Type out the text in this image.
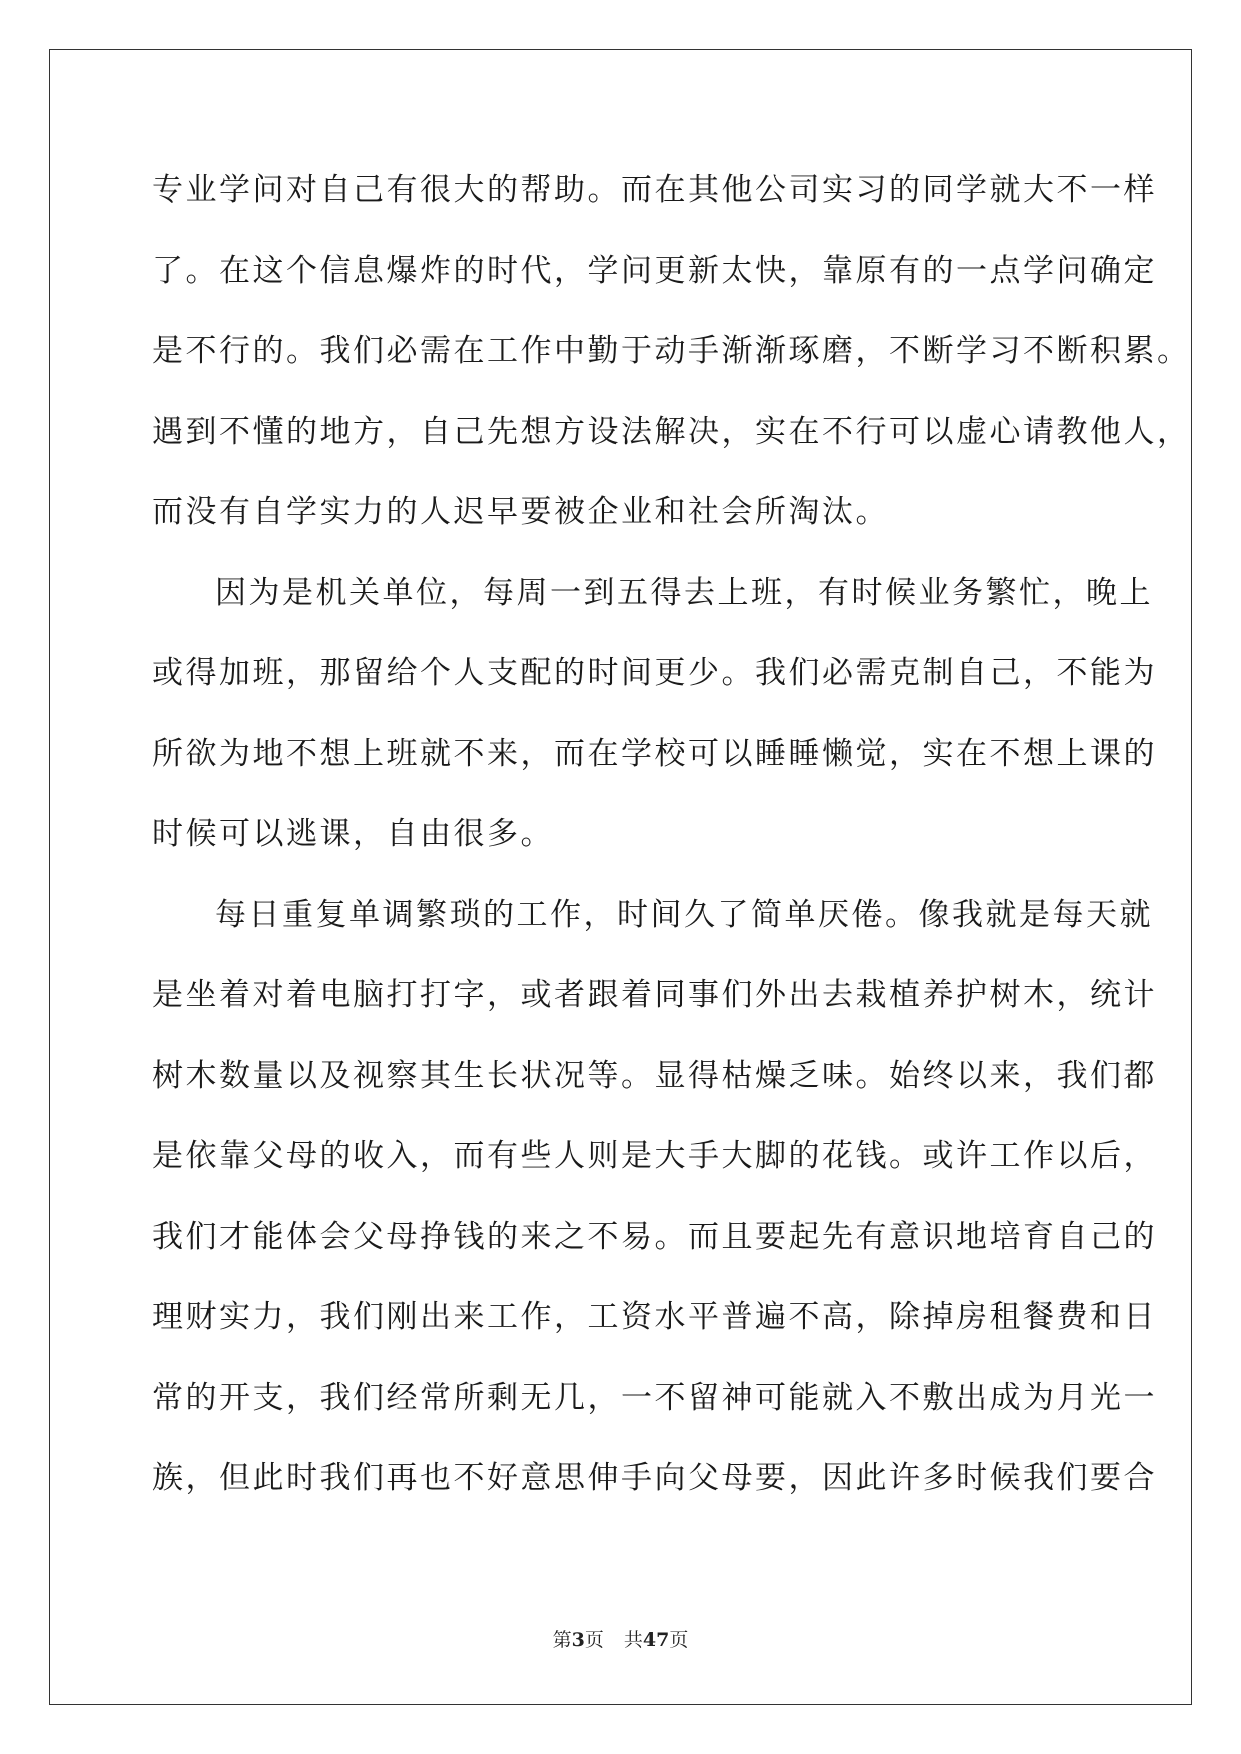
专业学问对自己有很大的帮助。而在其他公司实习的同学就大不一样
了。在这个信息爆炸的时代，学问更新太快，靠原有的一点学问确定
是不行的。我们必需在工作中勤于动手渐渐琢磨，不断学习不断积累。
遇到不懂的地方，自己先想方设法解决，实在不行可以虚心请教他人，
而没有自学实力的人迟早要被企业和社会所淘汰。
因为是机关单位，每周一到五得去上班，有时候业务繁忙，晚上
或得加班，那留给个人支配的时间更少。我们必需克制自己，不能为
所欲为地不想上班就不来，而在学校可以睡睡懒觉，实在不想上课的
时候可以逃课，自由很多。
每日重复单调繁琐的工作，时间久了简单厌倦。像我就是每天就
是坐着对着电脑打打字，或者跟着同事们外出去栽植养护树木，统计
树木数量以及视察其生长状况等。显得枯燥乏味。始终以来，我们都
是依靠父母的收入，而有些人则是大手大脚的花钱。或许工作以后，
我们才能体会父母挣钱的来之不易。而且要起先有意识地培育自己的
理财实力，我们刚出来工作，工资水平普遍不高，除掉房租餐费和日
常的开支，我们经常所剩无几，一不留神可能就入不敷出成为月光一
族，但此时我们再也不好意思伸手向父母要，因此许多时候我们要合
第3页 共47页
